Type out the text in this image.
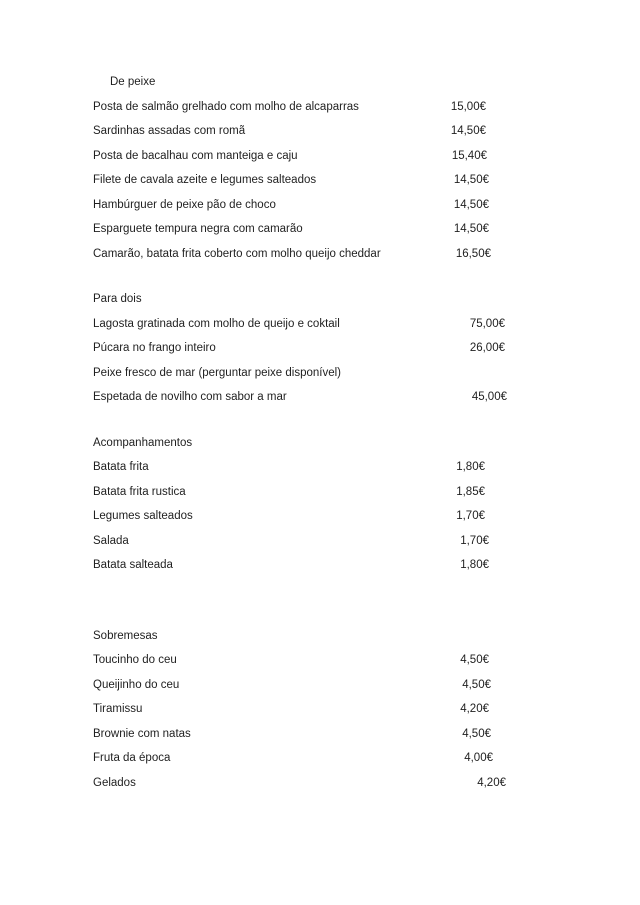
De peixe
Posta de salmão grelhado com molho de alcaparras	15,00€
Sardinhas assadas com romã	14,50€
Posta de bacalhau com manteiga e caju	15,40€
Filete de cavala azeite e legumes salteados	14,50€
Hambúrguer de peixe pão de choco	14,50€
Esparguete tempura negra com camarão	14,50€
Camarão, batata frita coberto com molho queijo cheddar	16,50€
Para dois
Lagosta gratinada com molho de queijo e coktail	75,00€
Púcara no frango inteiro	26,00€
Peixe fresco de mar (perguntar peixe disponível)
Espetada de novilho com sabor a mar	45,00€
Acompanhamentos
Batata frita	1,80€
Batata frita rustica	1,85€
Legumes salteados	1,70€
Salada	1,70€
Batata salteada	1,80€
Sobremesas
Toucinho do ceu	4,50€
Queijinho do ceu	4,50€
Tiramissu	4,20€
Brownie com natas	4,50€
Fruta da época	4,00€
Gelados	4,20€
